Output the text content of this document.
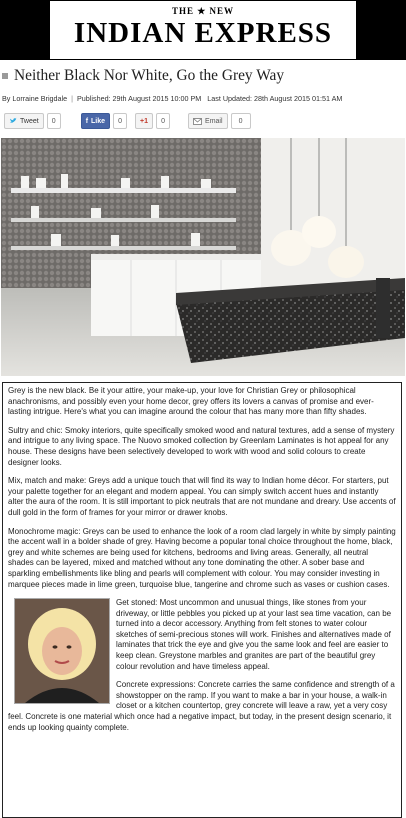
THE ★ NEW
INDIAN EXPRESS
Neither Black Nor White, Go the Grey Way
By Lorraine Brigdale | Published: 29th August 2015 10:00 PM Last Updated: 28th August 2015 01:51 AM
Tweet	0	f Like	0	+1	0	Email	0

Grey is the new black. Be it your attire, your make-up, your love for Christian Grey or philosophical anachronisms, and possibly even your home decor, grey offers its lovers a canvas of promise and ever-lasting intrigue. Here's what you can imagine around the colour that has many more than fifty shades.

Sultry and chic: Smoky interiors, quite specifically smoked wood and natural textures, add a sense of mystery and intrigue to any living space. The Nuovo smoked collection by Greenlam Laminates is hot appeal for any house. These designs have been selectively developed to work with wood and solid colours to create designer looks.

Mix, match and make: Greys add a unique touch that will find its way to Indian home décor. For starters, put your palette together for an elegant and modern appeal. You can simply switch accent hues and instantly alter the aura of the room. It is still important to pick neutrals that are not mundane and dreary. Use accents of dull gold in the form of frames for your mirror or drawer knobs.

Monochrome magic: Greys can be used to enhance the look of a room clad largely in white by simply painting the accent wall in a bolder shade of grey. Having become a popular tonal choice throughout the home, black, grey and white schemes are being used for kitchens, bedrooms and living areas. Generally, all neutral shades can be layered, mixed and matched without any tone dominating the other. A sober base and sparkling embellishments like bling and pearls will complement with colour. You may consider investing in marquee pieces made in lime green, turquoise blue, tangerine and chrome such as vases or cushion cases.

Get stoned: Most uncommon and unusual things, like stones from your driveway, or little pebbles you picked up at your last sea time vacation, can be turned into a decor accessory. Anything from felt stones to water colour sketches of semi-precious stones will work. Finishes and alternatives made of laminates that trick the eye and give you the same look and feel are easier to keep clean. Greystone marbles and granites are part of the beautiful grey colour revolution and have timeless appeal.

Concrete expressions: Concrete carries the same confidence and strength of a showstopper on the ramp. If you want to make a bar in your house, a walk-in closet or a kitchen countertop, grey concrete will leave a raw, yet a very cosy feel. Concrete is one material which once had a negative impact, but today, in the present design scenario, it ends up looking quainty complete.
